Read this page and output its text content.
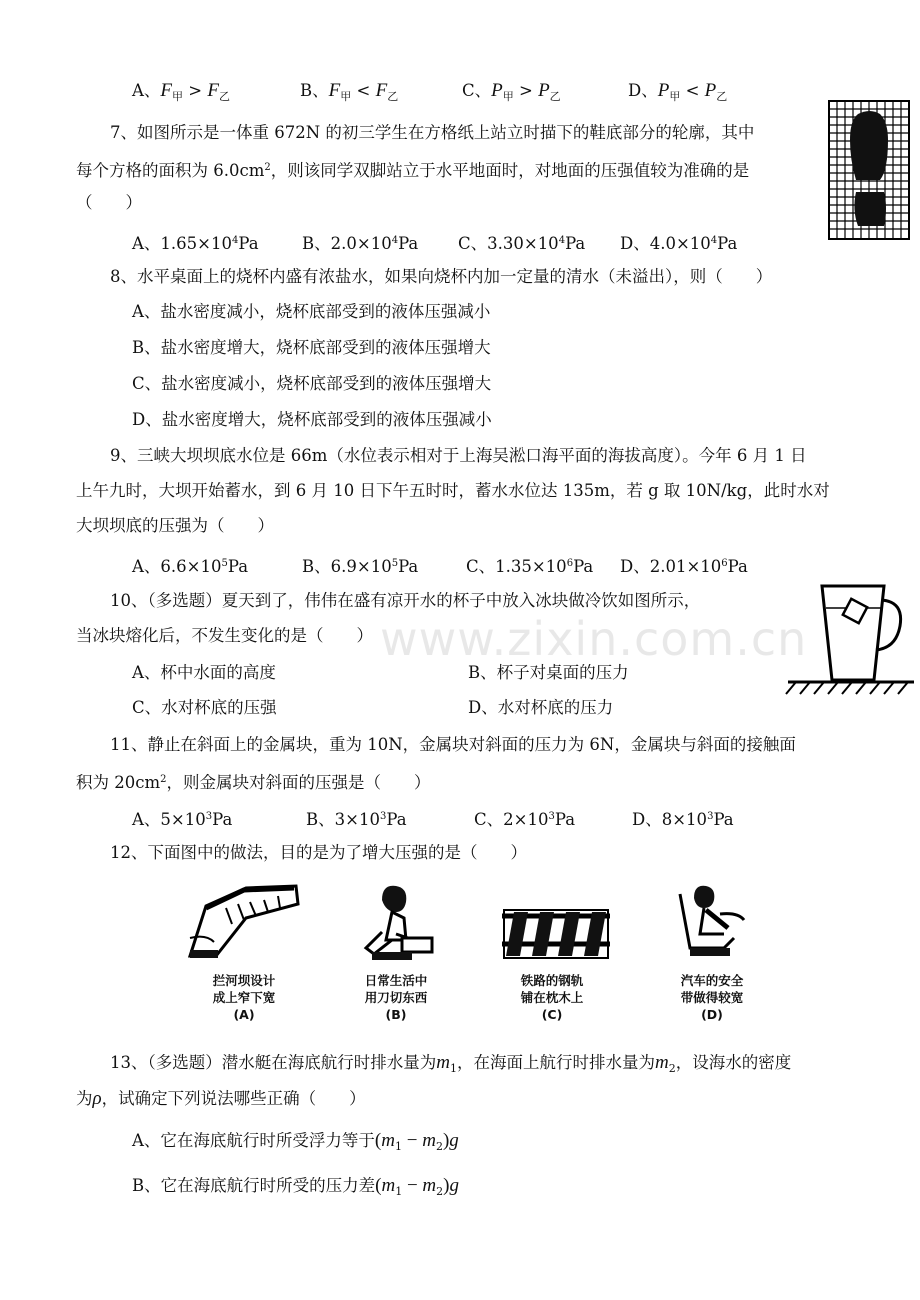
A、$F_甲 > F_乙$	B、$F_甲 < F_乙$	C、$P_甲 > P_乙$	D、$P_甲 < P_乙$
7、如图所示是一体重 672N 的初三学生在方格纸上站立时描下的鞋底部分的轮廓，其中
每个方格的面积为 $6.0cm^2$，则该同学双脚站立于水平地面时，对地面的压强值较为准确的是
（　　）
A、$1.65\times 10^4Pa$	B、$2.0\times 10^4Pa$ C、$3.30\times 10^4Pa$ D、$4.0\times 10^4Pa$
8、水平桌面上的烧杯内盛有浓盐水，如果向烧杯内加一定量的清水（未溢出），则（　　）
A、盐水密度减小，烧杯底部受到的液体压强减小
B、盐水密度增大，烧杯底部受到的液体压强增大
C、盐水密度减小，烧杯底部受到的液体压强增大
D、盐水密度增大，烧杯底部受到的液体压强减小
9、三峡大坝坝底水位是 66m（水位表示相对于上海吴淞口海平面的海拔高度）。今年 6 月 1 日
上午九时，大坝开始蓄水，到 6 月 10 日下午五时时，蓄水水位达 135m，若 g 取 10N/kg，此时水对
大坝坝底的压强为（　　）
A、$6.6\times 10^5Pa$	B、$6.9\times 10^5Pa$	C、$1.35\times 10^6Pa$ D、$2.01\times 10^6Pa$
www.zixin.com.cn
10、（多选题）夏天到了，伟伟在盛有凉开水的杯子中放入冰块做冷饮如图所示，
当冰块熔化后，不发生变化的是（　　）
A、杯中水面的高度	B、杯子对桌面的压力
C、水对杯底的压强	D、水对杯底的压力
11、静止在斜面上的金属块，重为 10N，金属块对斜面的压力为 6N，金属块与斜面的接触面
积为 $20cm^2$，则金属块对斜面的压强是（　　）
A、$5\times 10^3Pa$	B、$3\times 10^3Pa$	C、$2\times 10^3Pa$	D、$8\times 10^3Pa$
12、下面图中的做法，目的是为了增大压强的是（　　）
拦河坝设计
成上窄下宽
(A)
日常生活中
用刀切东西
(B)
铁路的钢轨
铺在枕木上
(C)
汽车的安全
带做得较宽
(D)
13、（多选题）潜水艇在海底航行时排水量为$m_1$，在海面上航行时排水量为$m_2$，设海水的密度
为ρ，试确定下列说法哪些正确（　　）
A、它在海底航行时所受浮力等于$(m_1 - m_2)g$
B、它在海底航行时所受的压力差$(m_1 - m_2)g$
